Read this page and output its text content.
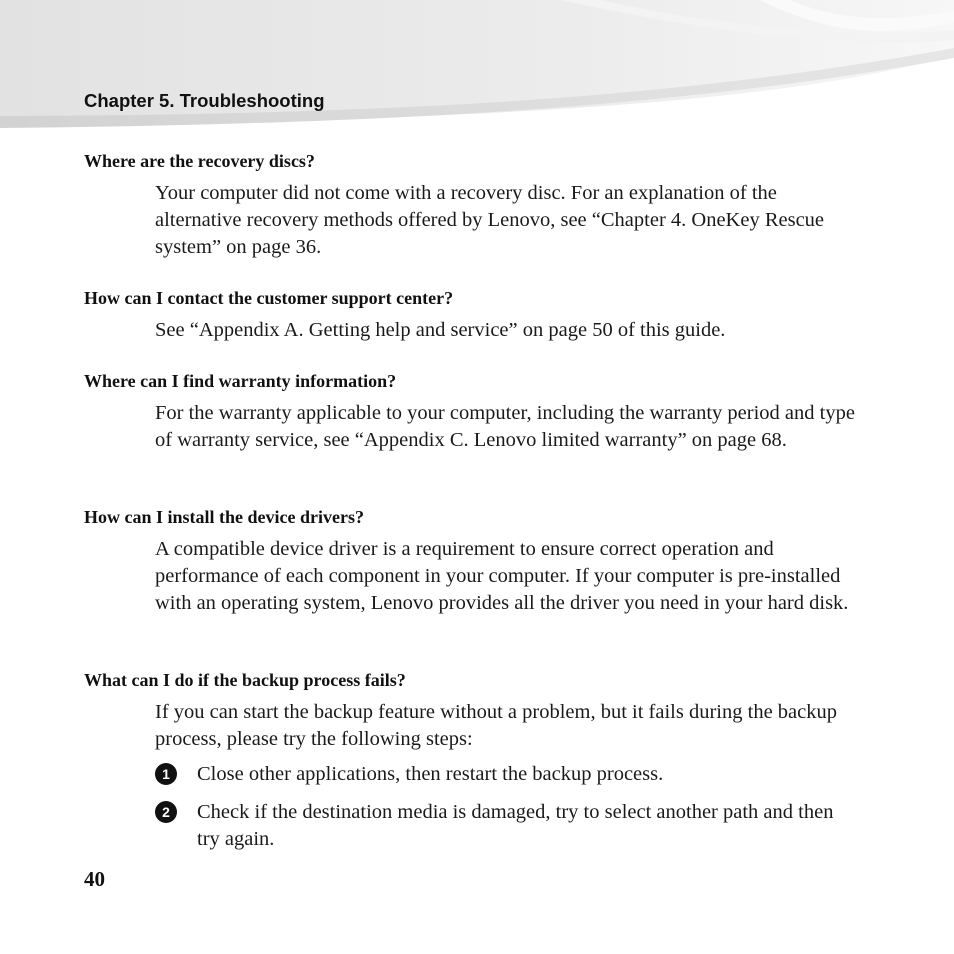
Chapter 5. Troubleshooting

Where are the recovery discs?

Your computer did not come with a recovery disc. For an explanation of the alternative recovery methods offered by Lenovo, see “Chapter 4. OneKey Rescue system” on page 36.

How can I contact the customer support center?

See “Appendix A. Getting help and service” on page 50 of this guide.

Where can I find warranty information?

For the warranty applicable to your computer, including the warranty period and type of warranty service, see “Appendix C. Lenovo limited warranty” on page 68.

How can I install the device drivers?

A compatible device driver is a requirement to ensure correct operation and performance of each component in your computer. If your computer is pre-installed with an operating system, Lenovo provides all the driver you need in your hard disk.

What can I do if the backup process fails?

If you can start the backup feature without a problem, but it fails during the backup process, please try the following steps:

1	Close other applications, then restart the backup process.

2	Check if the destination media is damaged, try to select another path and then try again.

40
